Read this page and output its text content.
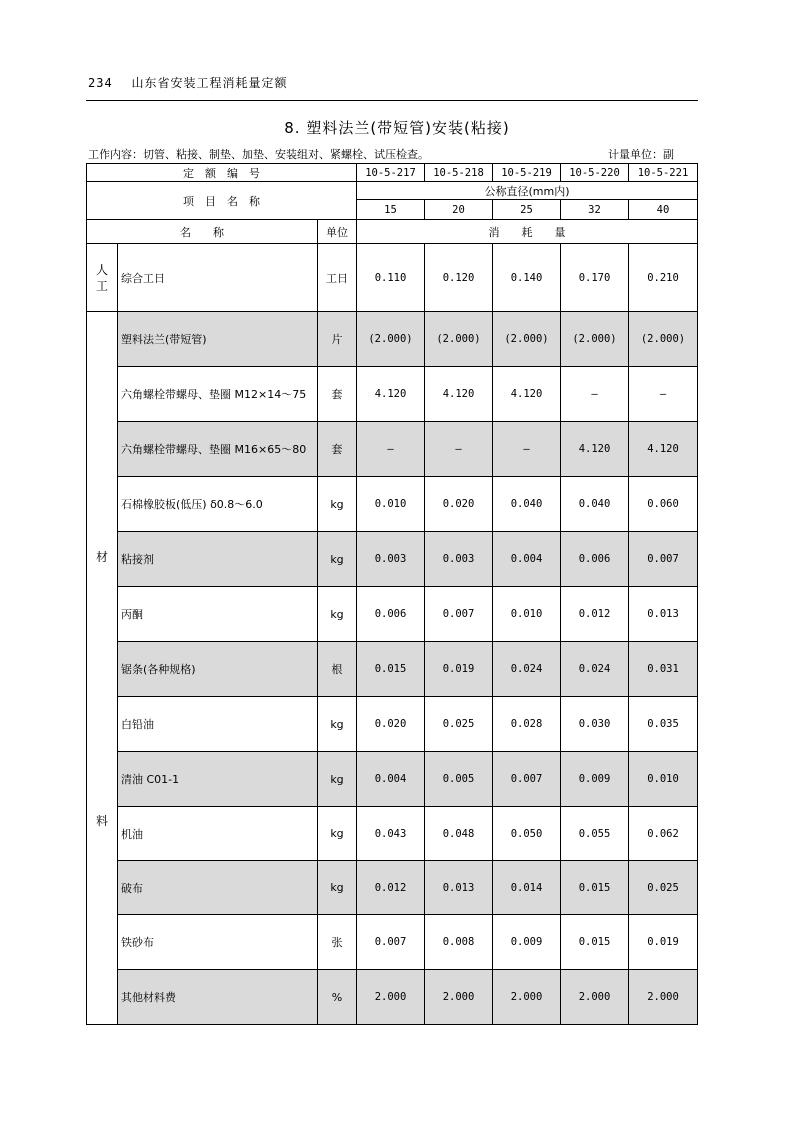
234 山东省安装工程消耗量定额
8. 塑料法兰(带短管)安装(粘接)
工作内容：切管、粘接、制垫、加垫、安装组对、紧螺栓、试压检查。	计量单位：副
定　额　编　号			10-5-217	10-5-218	10-5-219	10-5-220	10-5-221
项　目　名　称			公称直径(mm内)				
			15	20	25	32	40
名　　称		单位	消　　耗　　量				
人
工	综合工日	工日	0.110	0.120	0.140	0.170	0.210

材
料	塑料法兰(带短管)	片	(2.000)	(2.000)	(2.000)	(2.000)	(2.000)
	六角螺栓带螺母、垫圈 M12×14～75	套	4.120	4.120	4.120	—	—
	六角螺栓带螺母、垫圈 M16×65～80	套	—	—	—	4.120	4.120
	石棉橡胶板(低压) δ0.8～6.0	kg	0.010	0.020	0.040	0.040	0.060
	粘接剂	kg	0.003	0.003	0.004	0.006	0.007
	丙酮	kg	0.006	0.007	0.010	0.012	0.013
	锯条(各种规格)	根	0.015	0.019	0.024	0.024	0.031
	白铅油	kg	0.020	0.025	0.028	0.030	0.035
	清油 C01-1	kg	0.004	0.005	0.007	0.009	0.010
	机油	kg	0.043	0.048	0.050	0.055	0.062
	破布	kg	0.012	0.013	0.014	0.015	0.025
	铁砂布	张	0.007	0.008	0.009	0.015	0.019
	其他材料费	%	2.000	2.000	2.000	2.000	2.000
